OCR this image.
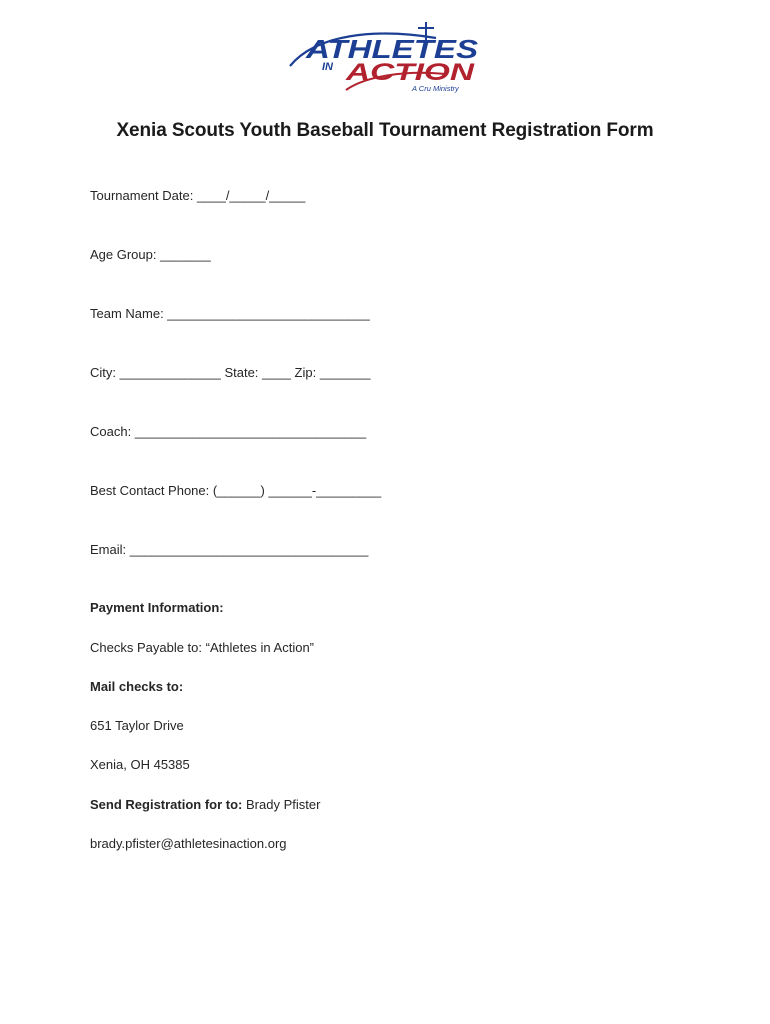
ATHLETES
IN ACTION
A Cru Ministry
Xenia Scouts Youth Baseball Tournament Registration Form
Tournament Date: ____/_____/_____
Age Group: _______
Team Name: ____________________________
City: ______________ State: ____ Zip: _______
Coach: ________________________________
Best Contact Phone: (______) ______-_________
Email: _________________________________
Payment Information:
Checks Payable to: “Athletes in Action”
Mail checks to:
651 Taylor Drive
Xenia, OH 45385
Send Registration for to: Brady Pfister
brady.pfister@athletesinaction.org
